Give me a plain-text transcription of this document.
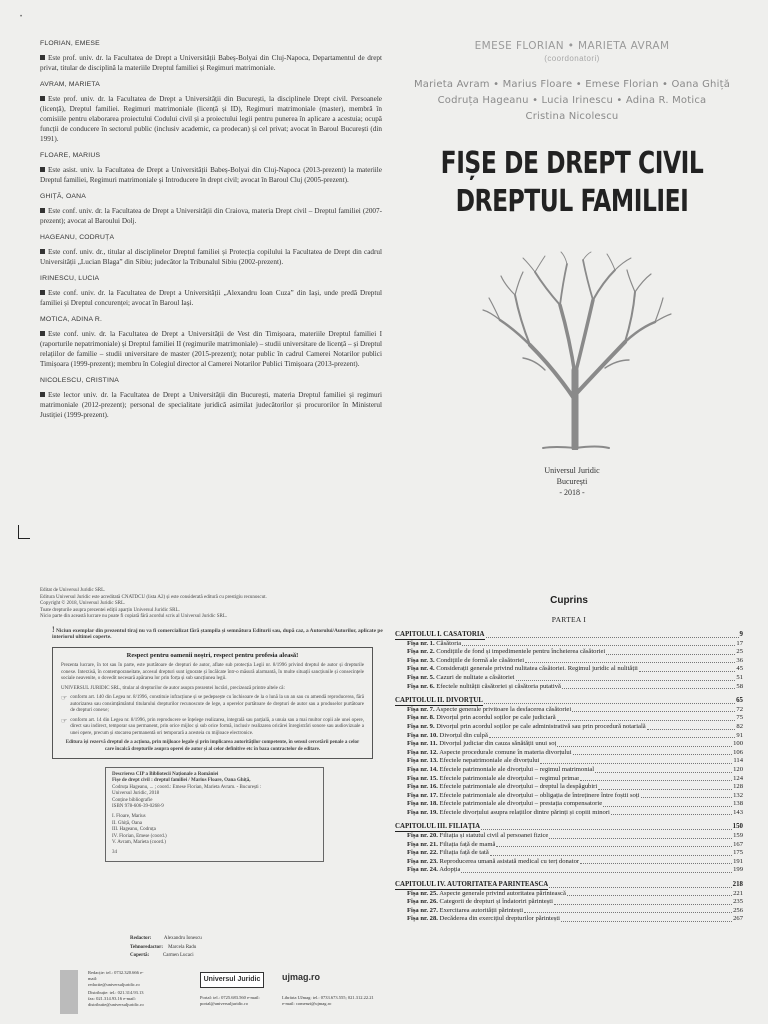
•
FLORIAN, EMESE
Este prof. univ. dr. la Facultatea de Drept a Universității Babeș-Bolyai din Cluj-Napoca, Departamentul de drept privat, titular de disciplină la materiile Dreptul familiei și Regimuri matrimoniale.
AVRAM, MARIETA
Este prof. univ. dr. la Facultatea de Drept a Universității din București, la disciplinele Drept civil. Persoanele (licență), Dreptul familiei. Regimuri matrimoniale (licență și ID), Regimuri matrimoniale (master), membră în comisiile pentru elaborarea proiectului Codului civil și a proiectului legii pentru punerea în aplicare a acestuia; ocupă funcții de conducere în sectorul public (inclusiv academic, ca prodecan) și cel privat; avocat în Baroul București (din 1991).
FLOARE, MARIUS
Este asist. univ. la Facultatea de Drept a Universității Babeș-Bolyai din Cluj-Napoca (2013-prezent) la materiile Dreptul familiei, Regimuri matrimoniale și Introducere în drept civil; avocat în Baroul Cluj (2005-prezent).
GHIȚĂ, OANA
Este conf. univ. dr. la Facultatea de Drept a Universității din Craiova, materia Drept civil – Dreptul familiei (2007-prezent); avocat al Baroului Dolj.
HAGEANU, CODRUȚA
Este conf. univ. dr., titular al disciplinelor Dreptul familiei și Protecția copilului la Facultatea de Drept din cadrul Universității „Lucian Blaga” din Sibiu; judecător la Tribunalul Sibiu (2002-prezent).
IRINESCU, LUCIA
Este conf. univ. dr. la Facultatea de Drept a Universității „Alexandru Ioan Cuza” din Iași, unde predă Dreptul familiei și Dreptul concurenței; avocat în Baroul Iași.
MOTICA, ADINA R.
Este conf. univ. dr. la Facultatea de Drept a Universității de Vest din Timișoara, materiile Dreptul familiei I (raporturile nepatrimoniale) și Dreptul familiei II (regimurile matrimoniale) – studii universitare de licență – și Dreptul relațiilor de familie – studii universitare de master (2015-prezent); notar public în cadrul Camerei Notarilor publici Timișoara (1999-prezent); membru în Colegiul director al Camerei Notarilor Publici Timișoara (2013-prezent).
NICOLESCU, CRISTINA
Este lector univ. dr. la Facultatea de Drept a Universității din București, materia Dreptul familiei și regimuri matrimoniale (2012-prezent); personal de specialitate juridică asimilat judecătorilor și procurorilor în Ministerul Justiției (1999-prezent).
EMESE FLORIAN • MARIETA AVRAM
(coordonatori)
Marieta Avram • Marius Floare • Emese Florian • Oana Ghiță
Codruța Hageanu • Lucia Irinescu • Adina R. Motica
Cristina Nicolescu
FIȘE DE DREPT CIVIL
DREPTUL FAMILIEI
Universul Juridic
București
- 2018 -
Editat de Universul Juridic SRL.
Editura Universul Juridic este acreditată CNATDCU (lista A2) și este considerată editură cu prestigiu recunoscut.
Copyright © 2018, Universul Juridic SRL.
Toate drepturile asupra prezentei ediții aparțin Universul Juridic SRL.
Nicio parte din această lucrare nu poate fi copiată fără acordul scris al Universul Juridic SRL.
! Niciun exemplar din prezentul tiraj nu va fi comercializat fără ștampila și semnătura Editurii sau, după caz, a Autorului/Autorilor, aplicate pe interiorul ultimei coperte.
Respect pentru oamenii noștri, respect pentru profesia aleasă!
Prezenta lucrare, în tot sau în parte, este purtătoare de drepturi de autor, aflate sub protecția Legii nr. 8/1996 privind dreptul de autor și drepturile conexe. Interzisă, în contemporaneitate, accesul drepturi sunt ignorate și încălcate într-o măsură alarmantă, în multe situații sancțiunile și consecințele sociale neavenite, o dovedit necesară apărarea lor prin forța și sub sancțiunea legii.
UNIVERSUL JURIDIC SRL, titular al drepturilor de autor asupra prezentei lucrări, precizează printre altele că:
☞ conform art. 140 din Legea nr. 8/1996, constituie infracțiune și se pedepsește cu închisoare de la o lună la un an sau cu amendă reproducerea, fără autorizarea sau consimțământul titularului drepturilor recunoscute de lege, a operelor purtătoare de drepturi de autor sau a produselor purtătoare de drepturi conexe;
☞ conform art. 14 din Legea nr. 8/1996, prin reproducere se înțelege realizarea, integrală sau parțială, a unuia sau a mai multor copii ale unei opere, direct sau indirect, temporar sau permanent, prin orice mijloc și sub orice formă, inclusiv realizarea oricărei înregistrări sonore sau audiovizuale a unei opere, precum și stocarea permanentă ori temporară a acesteia cu mijloace electronice.
Editura își rezervă dreptul de a acționa, prin mijloace legale și prin implicarea autorităților competente, în sensul cercetării penale a celor care încalcă drepturile asupra operei de autor și al celor definitive etc în baza contractelor de editare.
Descrierea CIP a Bibliotecii Naționale a României
Fișe de drept civil : dreptul familiei / Marius Floare, Oana Ghiță,
Codruța Hageanu, ... ; coord.: Emese Florian, Marieta Avram. - București :
Universul Juridic, 2018
Conține bibliografie
ISBN 978-606-39-0268-9
I. Floare, Marius
II. Ghiță, Oana
III. Hageanu, Codruța
IV. Florian, Emese (coord.)
V. Avram, Marieta (coord.)
34
Redactor:	Alexandru Ionescu
Tehnoredactor: Marcela Radu
Copertă:	Carmen Lucaci
Redacție: tel.: 0732.320.666 e-mail: redactie@universuljuridic.ro
Distribuție: tel.: 021.314.93.13 fax: 021.314.93.16 e-mail: distributie@universuljuridic.ro
Universul Juridic
Portal: tel.: 0725.683.560 e-mail: portal@universuljuridic.ro
ujmag.ro
Librăria UJmag: tel.: 0733.673.555; 021.312.22.21 e-mail: comenzi@ujmag.ro
Cuprins
PARTEA I
CAPITOLUL I. CĂSĂTORIA	9
Fișa nr. 1. Căsătoria	17
Fișa nr. 2. Condițiile de fond și impedimentele pentru încheierea căsătoriei	25
Fișa nr. 3. Condițiile de formă ale căsătoriei	36
Fișa nr. 4. Considerații generale privind nulitatea căsătoriei. Regimul juridic al nulității	45
Fișa nr. 5. Cazuri de nulitate a căsătoriei	51
Fișa nr. 6. Efectele nulității căsătoriei și căsătoria putativă	58
CAPITOLUL II. DIVORȚUL	65
Fișa nr. 7. Aspecte generale privitoare la desfacerea căsătoriei	72
Fișa nr. 8. Divorțul prin acordul soților pe cale judiciară	75
Fișa nr. 9. Divorțul prin acordul soților pe cale administrativă sau prin procedură notarială	82
Fișa nr. 10. Divorțul din culpă	91
Fișa nr. 11. Divorțul judiciar din cauza sănătății unui soț	100
Fișa nr. 12. Aspecte procedurale comune în materia divorțului	106
Fișa nr. 13. Efectele nepatrimoniale ale divorțului	114
Fișa nr. 14. Efectele patrimoniale ale divorțului – regimul matrimonial	120
Fișa nr. 15. Efectele patrimoniale ale divorțului – regimul primar	124
Fișa nr. 16. Efectele patrimoniale ale divorțului – dreptul la despăgubiri	128
Fișa nr. 17. Efectele patrimoniale ale divorțului – obligația de întreținere între foștii soți	132
Fișa nr. 18. Efectele patrimoniale ale divorțului – prestația compensatorie	138
Fișa nr. 19. Efectele divorțului asupra relațiilor dintre părinți și copiii minori	143
CAPITOLUL III. FILIAȚIA	150
Fișa nr. 20. Filiația și statutul civil al persoanei fizice	159
Fișa nr. 21. Filiația față de mamă	167
Fișa nr. 22. Filiația față de tată	175
Fișa nr. 23. Reproducerea umană asistată medical cu terț donator	191
Fișa nr. 24. Adopția	199
CAPITOLUL IV. AUTORITATEA PĂRINTEASCĂ	218
Fișa nr. 25. Aspecte generale privind autoritatea părintească	221
Fișa nr. 26. Categorii de drepturi și îndatoriri părintești	235
Fișa nr. 27. Exercitarea autorității părintești	256
Fișa nr. 28. Decăderea din exercițiul drepturilor părintești	267
